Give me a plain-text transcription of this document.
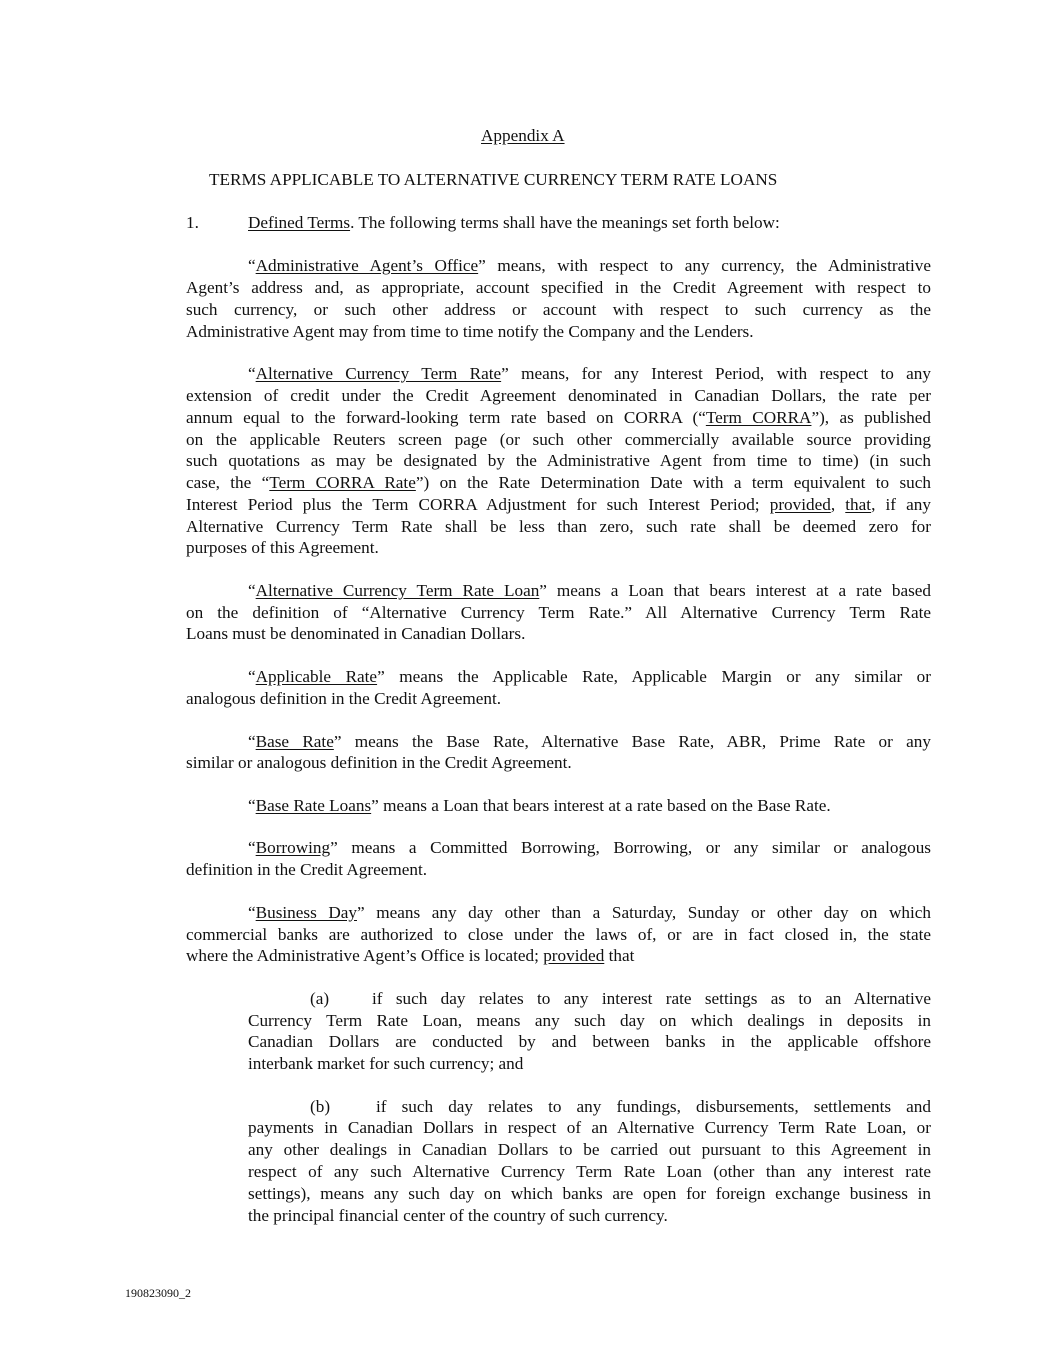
Appendix A
TERMS APPLICABLE TO ALTERNATIVE CURRENCY TERM RATE LOANS
1.	Defined Terms. The following terms shall have the meanings set forth below:
“Administrative Agent’s Office” means, with respect to any currency, the Administrative
Agent’s address and, as appropriate, account specified in the Credit Agreement with respect to
such currency, or such other address or account with respect to such currency as the
Administrative Agent may from time to time notify the Company and the Lenders.
“Alternative Currency Term Rate” means, for any Interest Period, with respect to any
extension of credit under the Credit Agreement denominated in Canadian Dollars, the rate per
annum equal to the forward-looking term rate based on CORRA (“Term CORRA”), as published
on the applicable Reuters screen page (or such other commercially available source providing
such quotations as may be designated by the Administrative Agent from time to time) (in such
case, the “Term CORRA Rate”) on the Rate Determination Date with a term equivalent to such
Interest Period plus the Term CORRA Adjustment for such Interest Period; provided, that, if any
Alternative Currency Term Rate shall be less than zero, such rate shall be deemed zero for
purposes of this Agreement.
“Alternative Currency Term Rate Loan” means a Loan that bears interest at a rate based
on the definition of “Alternative Currency Term Rate.” All Alternative Currency Term Rate
Loans must be denominated in Canadian Dollars.
“Applicable Rate” means the Applicable Rate, Applicable Margin or any similar or
analogous definition in the Credit Agreement.
“Base Rate” means the Base Rate, Alternative Base Rate, ABR, Prime Rate or any
similar or analogous definition in the Credit Agreement.
“Base Rate Loans” means a Loan that bears interest at a rate based on the Base Rate.
“Borrowing” means a Committed Borrowing, Borrowing, or any similar or analogous
definition in the Credit Agreement.
“Business Day” means any day other than a Saturday, Sunday or other day on which
commercial banks are authorized to close under the laws of, or are in fact closed in, the state
where the Administrative Agent’s Office is located; provided that
(a) if such day relates to any interest rate settings as to an Alternative
Currency Term Rate Loan, means any such day on which dealings in deposits in
Canadian Dollars are conducted by and between banks in the applicable offshore
interbank market for such currency; and
(b)	if such day relates to any fundings, disbursements, settlements and
payments in Canadian Dollars in respect of an Alternative Currency Term Rate Loan, or
any other dealings in Canadian Dollars to be carried out pursuant to this Agreement in
respect of any such Alternative Currency Term Rate Loan (other than any interest rate
settings), means any such day on which banks are open for foreign exchange business in
the principal financial center of the country of such currency.
190823090_2
